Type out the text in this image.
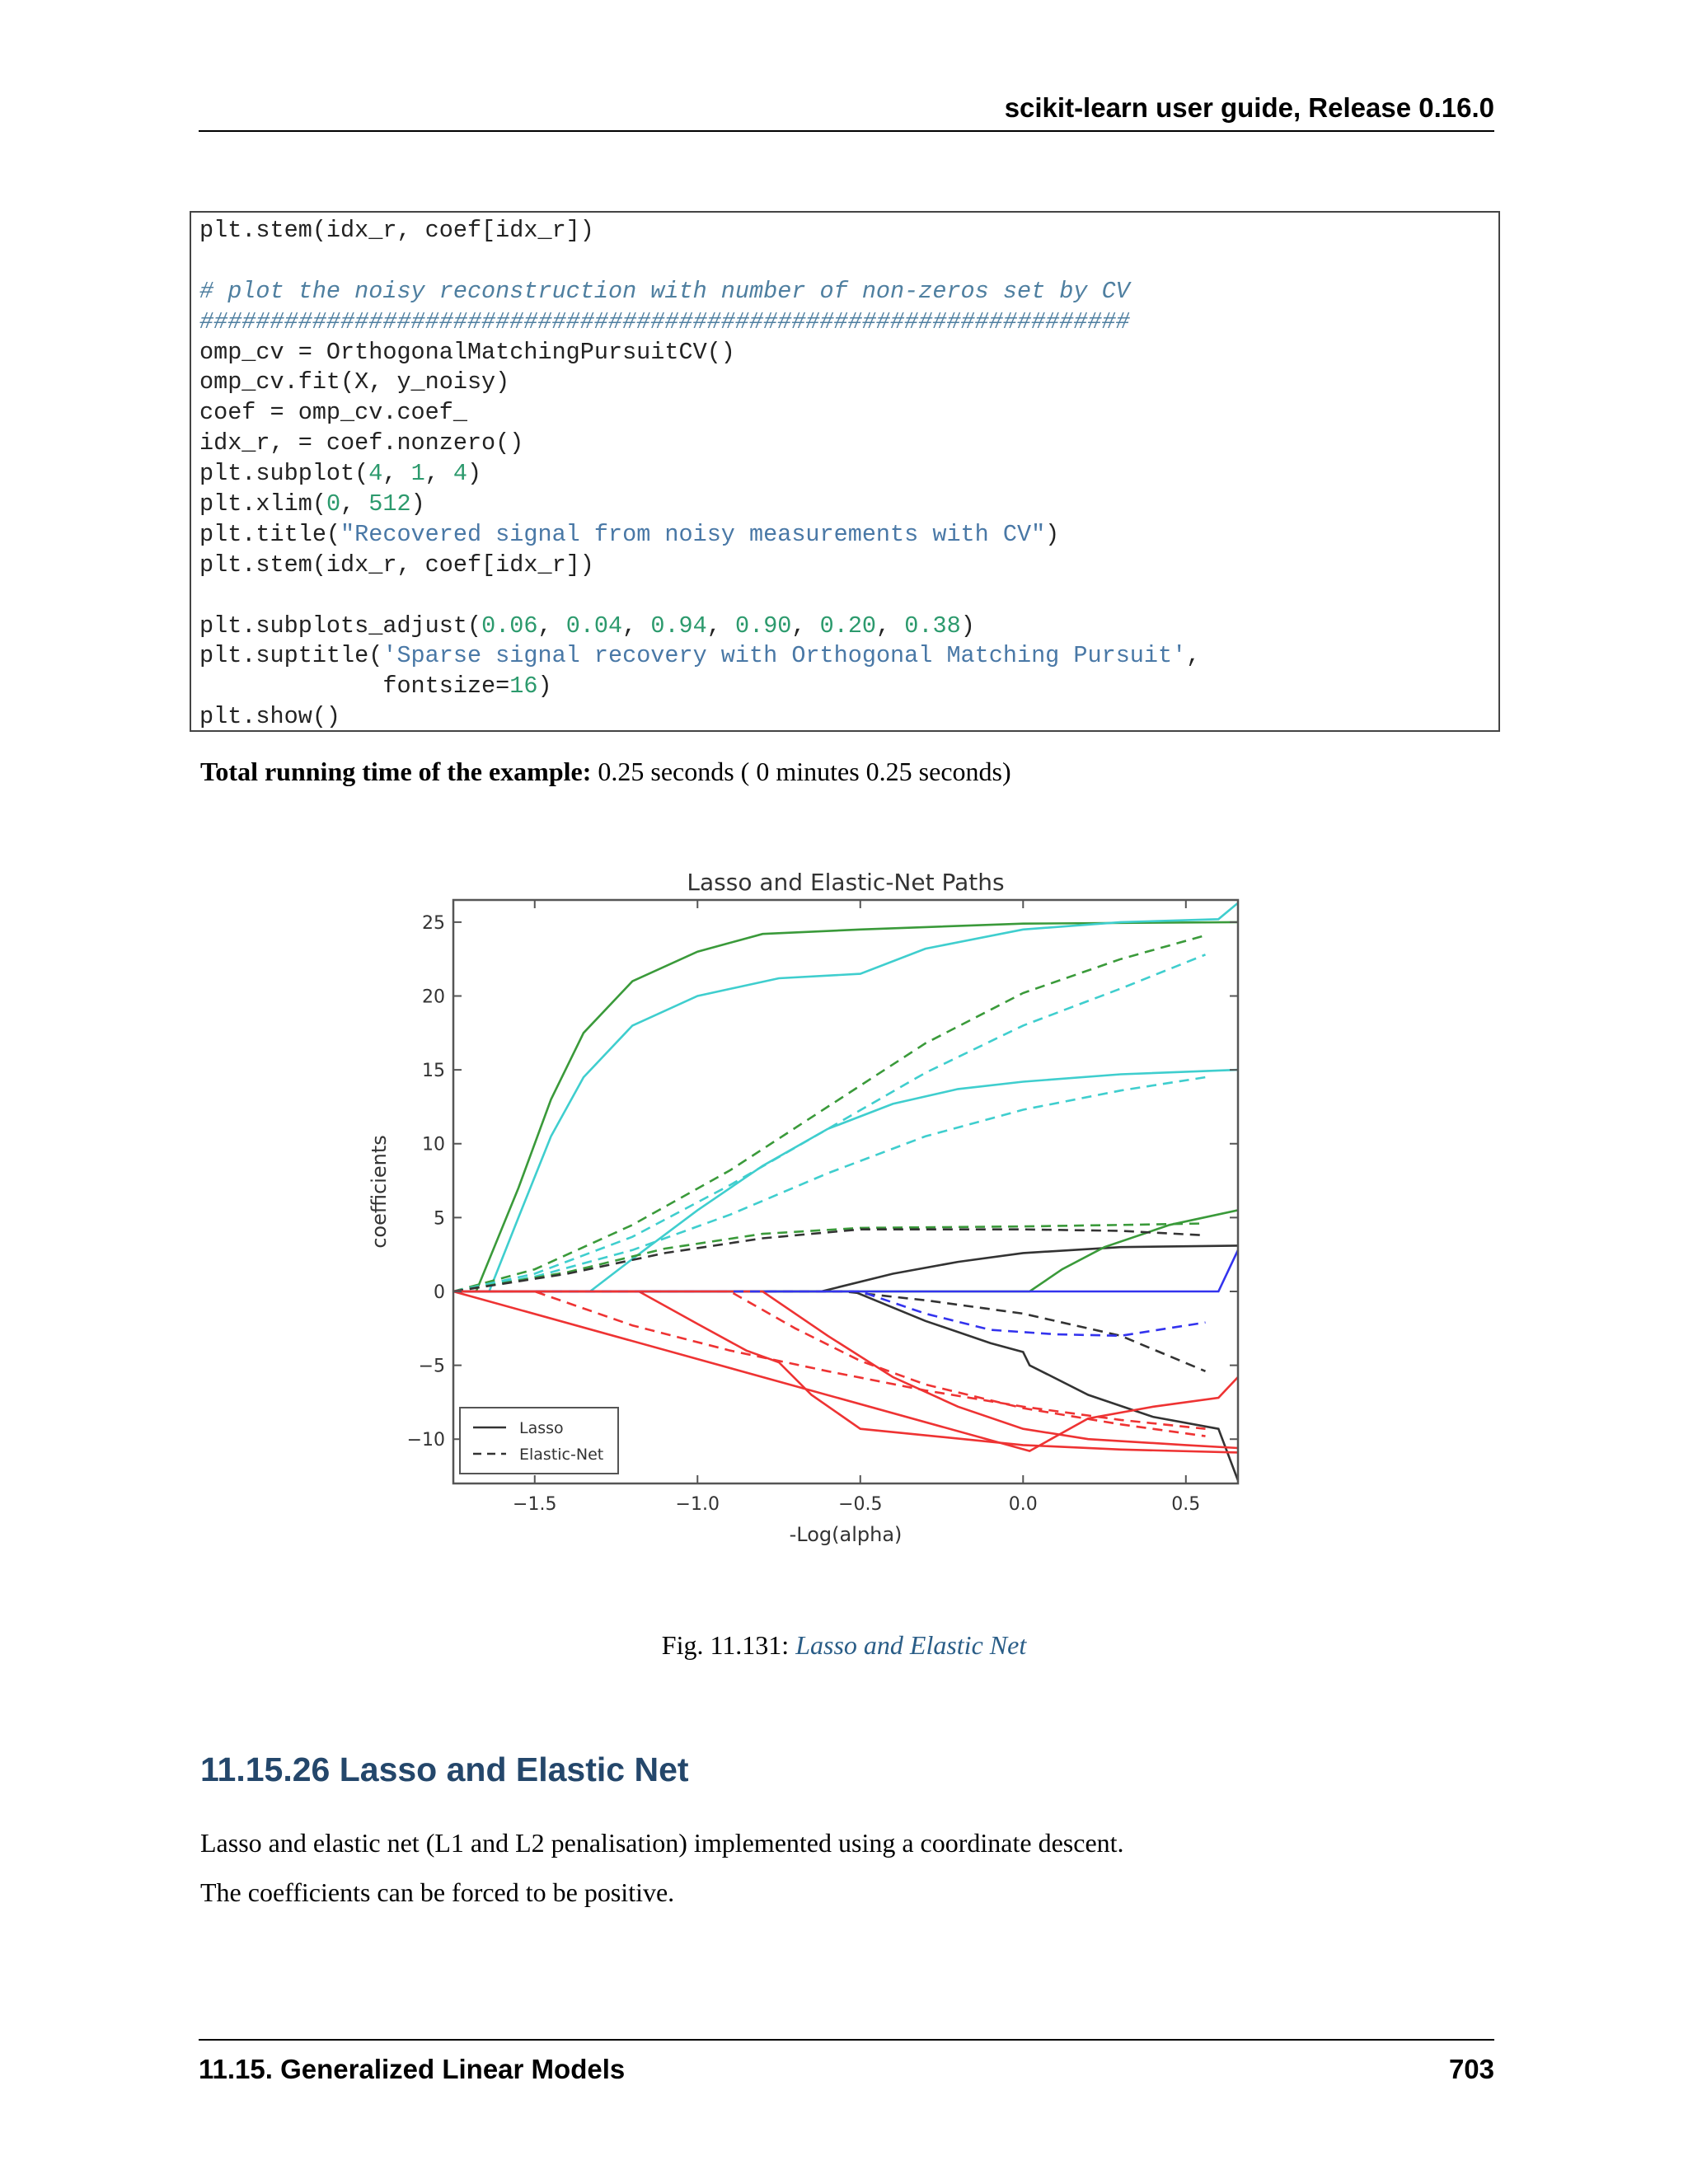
scikit-learn user guide, Release 0.16.0
plt.stem(idx_r, coef[idx_r])
# plot the noisy reconstruction with number of non-zeros set by CV
##################################################################
omp_cv = OrthogonalMatchingPursuitCV()
omp_cv.fit(X, y_noisy)
coef = omp_cv.coef_
idx_r, = coef.nonzero()
plt.subplot(4, 1, 4)
plt.xlim(0, 512)
plt.title("Recovered signal from noisy measurements with CV")
plt.stem(idx_r, coef[idx_r])
plt.subplots_adjust(0.06, 0.04, 0.94, 0.90, 0.20, 0.38)
plt.suptitle('Sparse signal recovery with Orthogonal Matching Pursuit',
fontsize=16)
plt.show()
Total running time of the example: 0.25 seconds ( 0 minutes 0.25 seconds)
−1.5	−1.0	−0.5	0.0	0.5
25
20
15
10
5
0
−5
−10
Lasso and Elastic-Net Paths
-Log(alpha)
coefficients
Lasso
Elastic-Net
Fig. 11.131: Lasso and Elastic Net
11.15.26 Lasso and Elastic Net
Lasso and elastic net (L1 and L2 penalisation) implemented using a coordinate descent.
The coefficients can be forced to be positive.
11.15. Generalized Linear Models	703
